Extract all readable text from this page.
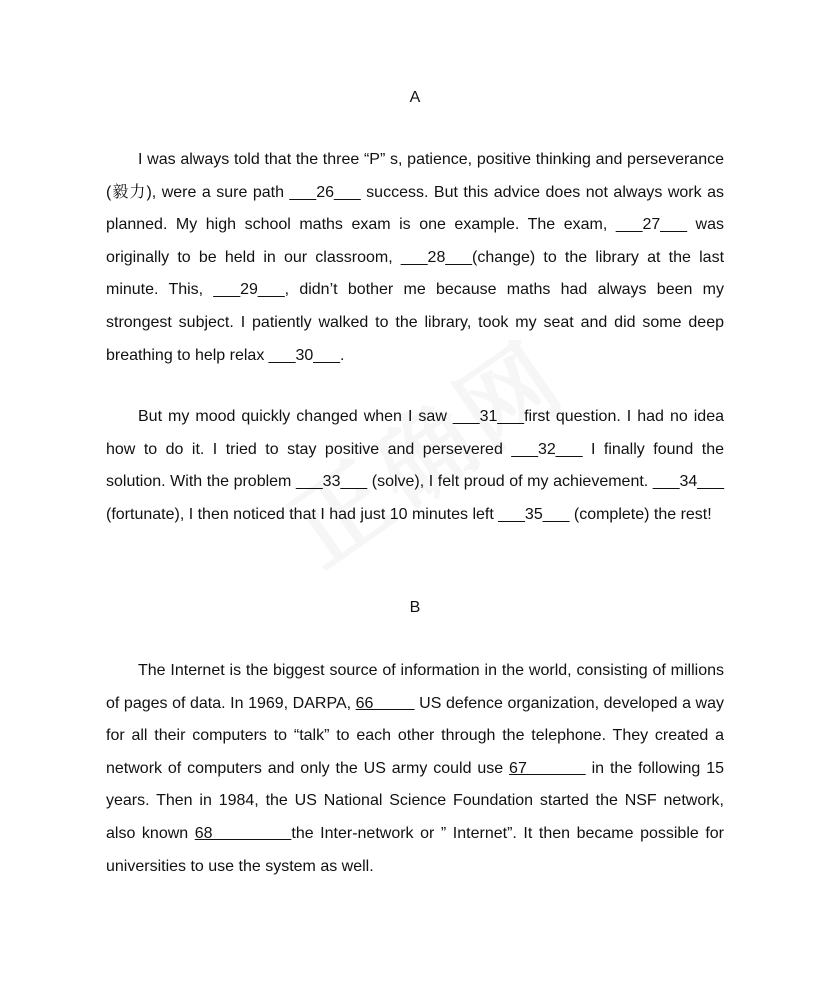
A

I was always told that the three “P” s, patience, positive thinking and perseverance (毅力), were a sure path ___26___ success. But this advice does not always work as planned. My high school maths exam is one example. The exam, ___27___ was originally to be held in our classroom, ___28___(change) to the library at the last minute. This, ___29___, didn’t bother me because maths had always been my strongest subject. I patiently walked to the library, took my seat and did some deep breathing to help relax ___30___.

But my mood quickly changed when I saw ___31___first question. I had no idea how to do it. I tried to stay positive and persevered ___32___ I finally found the solution. With the problem ___33___ (solve), I felt proud of my achievement. ___34___ (fortunate), I then noticed that I had just 10 minutes left ___35___ (complete) the rest!

B

The Internet is the biggest source of information in the world, consisting of millions of pages of data. In 1969, DARPA, 66          US defence organization, developed a way for all their computers to “talk” to each other through the telephone. They created a network of computers and only the US army could use 67           in the following 15 years. Then in 1984, the US National Science Foundation started the NSF network, also known 68            the Inter-network or ” Internet”. It then became possible for universities to use the system as well.
